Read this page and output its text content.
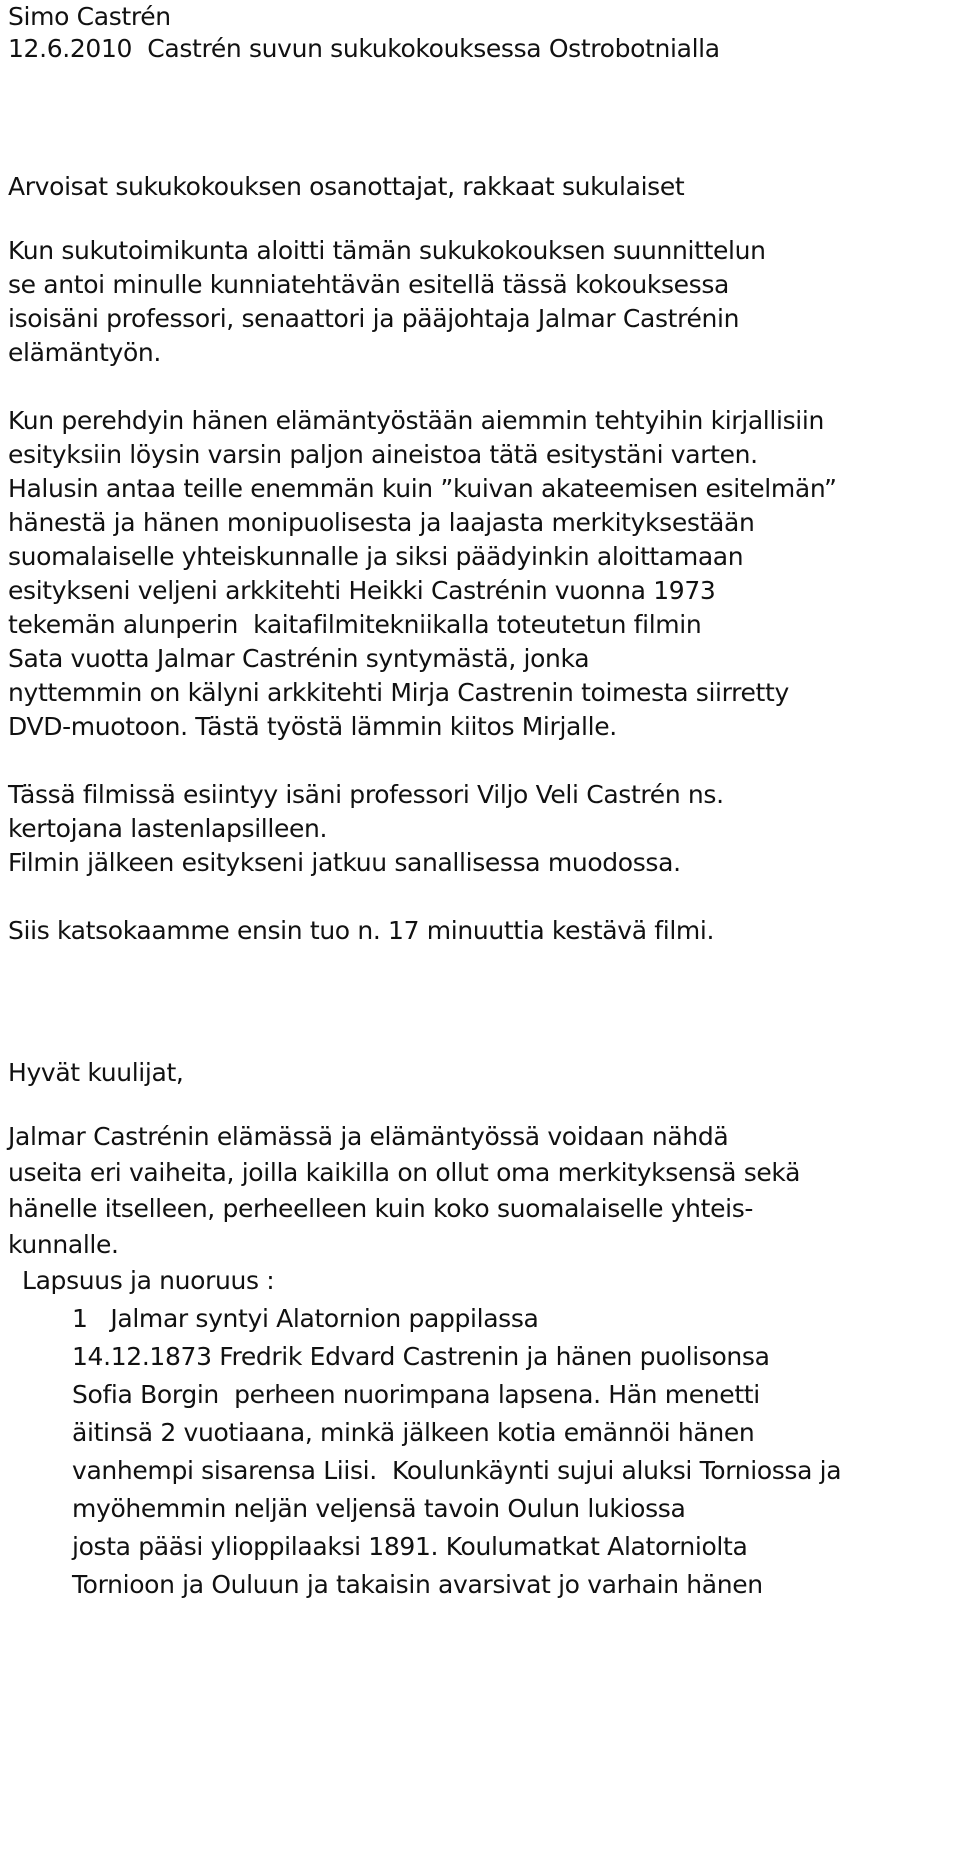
Simo Castrén
12.6.2010  Castrén suvun sukukokouksessa Ostrobotnialla
Arvoisat sukukokouksen osanottajat, rakkaat sukulaiset
Kun sukutoimikunta aloitti tämän sukukokouksen suunnittelun
se antoi minulle kunniatehtävän esitellä tässä kokouksessa
isoisäni professori, senaattori ja pääjohtaja Jalmar Castrénin
elämäntyön.
Kun perehdyin hänen elämäntyöstään aiemmin tehtyihin kirjallisiin
esityksiin löysin varsin paljon aineistoa tätä esitystäni varten.
Halusin antaa teille enemmän kuin ”kuivan akateemisen esitelmän”
hänestä ja hänen monipuolisesta ja laajasta merkityksestään
suomalaiselle yhteiskunnalle ja siksi päädyinkin aloittamaan
esitykseni veljeni arkkitehti Heikki Castrénin vuonna 1973
tekemän alunperin  kaitafilmitekniikalla toteutetun filmin
Sata vuotta Jalmar Castrénin syntymästä, jonka
nyttemmin on kälyni arkkitehti Mirja Castrenin toimesta siirretty
DVD-muotoon. Tästä työstä lämmin kiitos Mirjalle.
Tässä filmissä esiintyy isäni professori Viljo Veli Castrén ns.
kertojana lastenlapsilleen.
Filmin jälkeen esitykseni jatkuu sanallisessa muodossa.
Siis katsokaamme ensin tuo n. 17 minuuttia kestävä filmi.
Hyvät kuulijat,
Jalmar Castrénin elämässä ja elämäntyössä voidaan nähdä
useita eri vaiheita, joilla kaikilla on ollut oma merkityksensä sekä
hänelle itselleen, perheelleen kuin koko suomalaiselle yhteis-
kunnalle.
Lapsuus ja nuoruus :
1   Jalmar syntyi Alatornion pappilassa
14.12.1873 Fredrik Edvard Castrenin ja hänen puolisonsa
Sofia Borgin  perheen nuorimpana lapsena. Hän menetti
äitinsä 2 vuotiaana, minkä jälkeen kotia emännöi hänen
vanhempi sisarensa Liisi.  Koulunkäynti sujui aluksi Torniossa ja
myöhemmin neljän veljensä tavoin Oulun lukiossa
josta pääsi ylioppilaaksi 1891. Koulumatkat Alatorniolta
Tornioon ja Ouluun ja takaisin avarsivat jo varhain hänen
